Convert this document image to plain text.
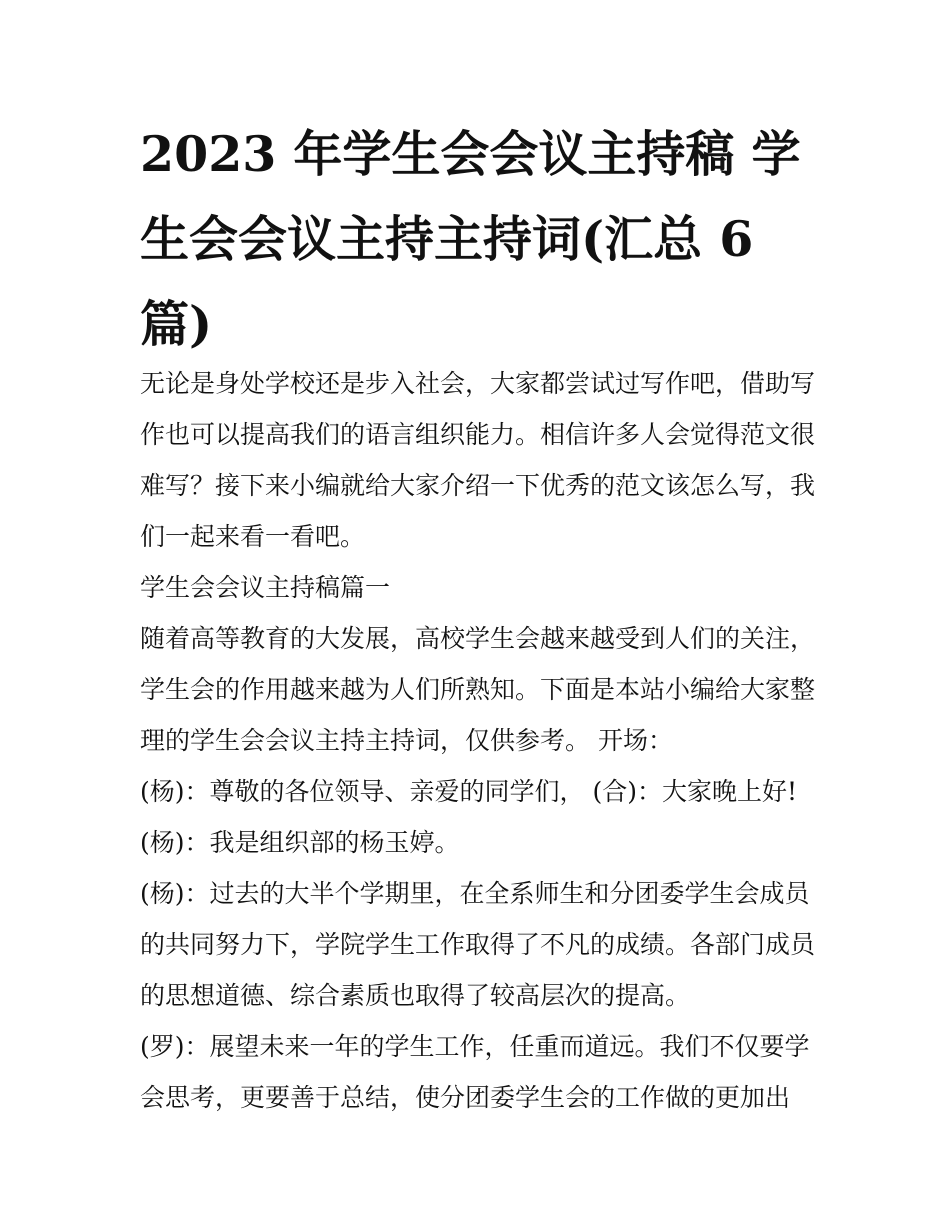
2023 年学生会会议主持稿 学
生会会议主持主持词(汇总 6
篇)
无论是身处学校还是步入社会，大家都尝试过写作吧，借助写
作也可以提高我们的语言组织能力。相信许多人会觉得范文很
难写？接下来小编就给大家介绍一下优秀的范文该怎么写，我
们一起来看一看吧。
学生会会议主持稿篇一
随着高等教育的大发展，高校学生会越来越受到人们的关注，
学生会的作用越来越为人们所熟知。下面是本站小编给大家整
理的学生会会议主持主持词，仅供参考。 开场：
(杨)：尊敬的各位领导、亲爱的同学们， (合)：大家晚上好!
(杨)：我是组织部的杨玉婷。
(杨)：过去的大半个学期里，在全系师生和分团委学生会成员
的共同努力下，学院学生工作取得了不凡的成绩。各部门成员
的思想道德、综合素质也取得了较高层次的提高。
(罗)：展望未来一年的学生工作，任重而道远。我们不仅要学
会思考，更要善于总结，使分团委学生会的工作做的更加出
